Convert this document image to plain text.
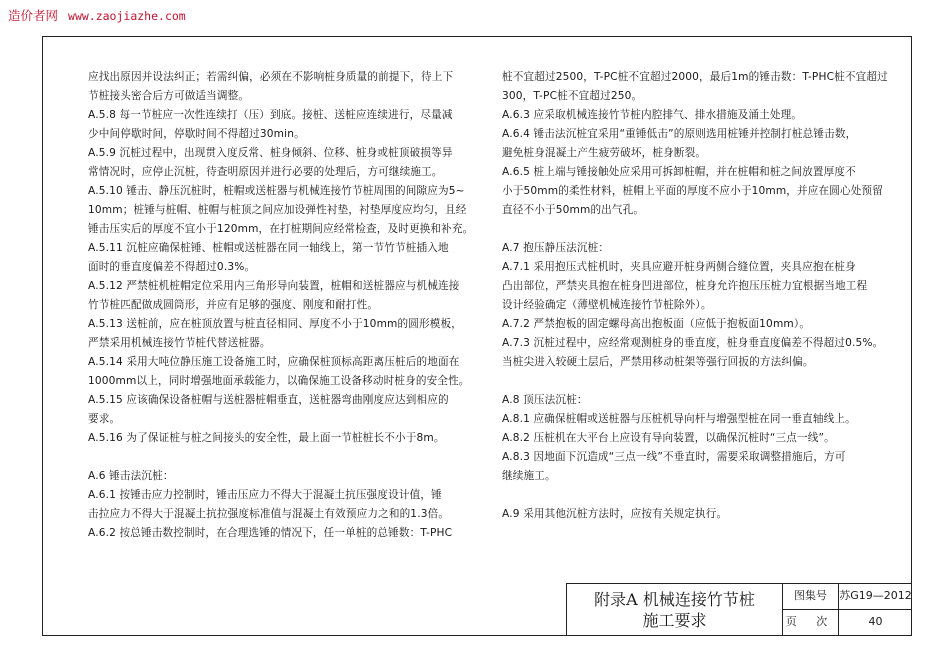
造价者网 www.zaojiazhe.com
应找出原因并设法纠正；若需纠偏，必须在不影响桩身质量的前提下，待上下
节桩接头密合后方可做适当调整。
A.5.8 每一节桩应一次性连续打（压）到底。接桩、送桩应连续进行，尽量减
少中间停歇时间，停歇时间不得超过30min。
A.5.9 沉桩过程中，出现贯入度反常、桩身倾斜、位移、桩身或桩顶破损等异
常情况时，应停止沉桩，待查明原因并进行必要的处理后，方可继续施工。
A.5.10 锤击、静压沉桩时，桩帽或送桩器与机械连接竹节桩周围的间隙应为5~
10mm；桩锤与桩帽、桩帽与桩顶之间应加设弹性衬垫，衬垫厚度应均匀，且经
锤击压实后的厚度不宜小于120mm，在打桩期间应经常检查，及时更换和补充。
A.5.11 沉桩应确保桩锤、桩帽或送桩器在同一轴线上，第一节竹节桩插入地
面时的垂直度偏差不得超过0.3%。
A.5.12 严禁桩机桩帽定位采用内三角形导向装置，桩帽和送桩器应与机械连接
竹节桩匹配做成圆筒形，并应有足够的强度、刚度和耐打性。
A.5.13 送桩前，应在桩顶放置与桩直径相同、厚度不小于10mm的圆形模板，
严禁采用机械连接竹节桩代替送桩器。
A.5.14 采用大吨位静压施工设备施工时，应确保桩顶标高距离压桩后的地面在
1000mm以上，同时增强地面承载能力，以确保施工设备移动时桩身的安全性。
A.5.15 应该确保设备桩帽与送桩器桩帽垂直，送桩器弯曲刚度应达到相应的
要求。
A.5.16 为了保证桩与桩之间接头的安全性，最上面一节桩桩长不小于8m。
A.6 锤击法沉桩：
A.6.1 按锤击应力控制时，锤击压应力不得大于混凝土抗压强度设计值，锤
击拉应力不得大于混凝土抗拉强度标准值与混凝土有效预应力之和的1.3倍。
A.6.2 按总锤击数控制时，在合理选锤的情况下，任一单桩的总锤数：T-PHC
桩不宜超过2500，T-PC桩不宜超过2000，最后1m的锤击数：T-PHC桩不宜超过
300，T-PC桩不宜超过250。
A.6.3 应采取机械连接竹节桩内腔排气、排水措施及涌土处理。
A.6.4 锤击法沉桩宜采用“重锤低击”的原则选用桩锤并控制打桩总锤击数，
避免桩身混凝土产生疲劳破坏，桩身断裂。
A.6.5 桩上端与锤接触处应采用可拆卸桩帽，并在桩帽和桩之间放置厚度不
小于50mm的柔性材料，桩帽上平面的厚度不应小于10mm，并应在圆心处预留
直径不小于50mm的出气孔。
A.7 抱压静压法沉桩：
A.7.1 采用抱压式桩机时，夹具应避开桩身两侧合缝位置，夹具应抱在桩身
凸出部位，严禁夹具抱在桩身凹进部位，桩身允许抱压压桩力宜根据当地工程
设计经验确定（薄壁机械连接竹节桩除外）。
A.7.2 严禁抱板的固定螺母高出抱板面（应低于抱板面10mm）。
A.7.3 沉桩过程中，应经常观测桩身的垂直度，桩身垂直度偏差不得超过0.5%。
当桩尖进入较硬土层后，严禁用移动桩架等强行回扳的方法纠偏。
A.8 顶压法沉桩：
A.8.1 应确保桩帽或送桩器与压桩机导向杆与增强型桩在同一垂直轴线上。
A.8.2 压桩机在大平台上应设有导向装置，以确保沉桩时“三点一线”。
A.8.3 因地面下沉造成“三点一线”不垂直时，需要采取调整措施后，方可
继续施工。
A.9 采用其他沉桩方法时，应按有关规定执行。
附录A 机械连接竹节桩
施工要求
图集号	苏G19—2012
页 次	40
